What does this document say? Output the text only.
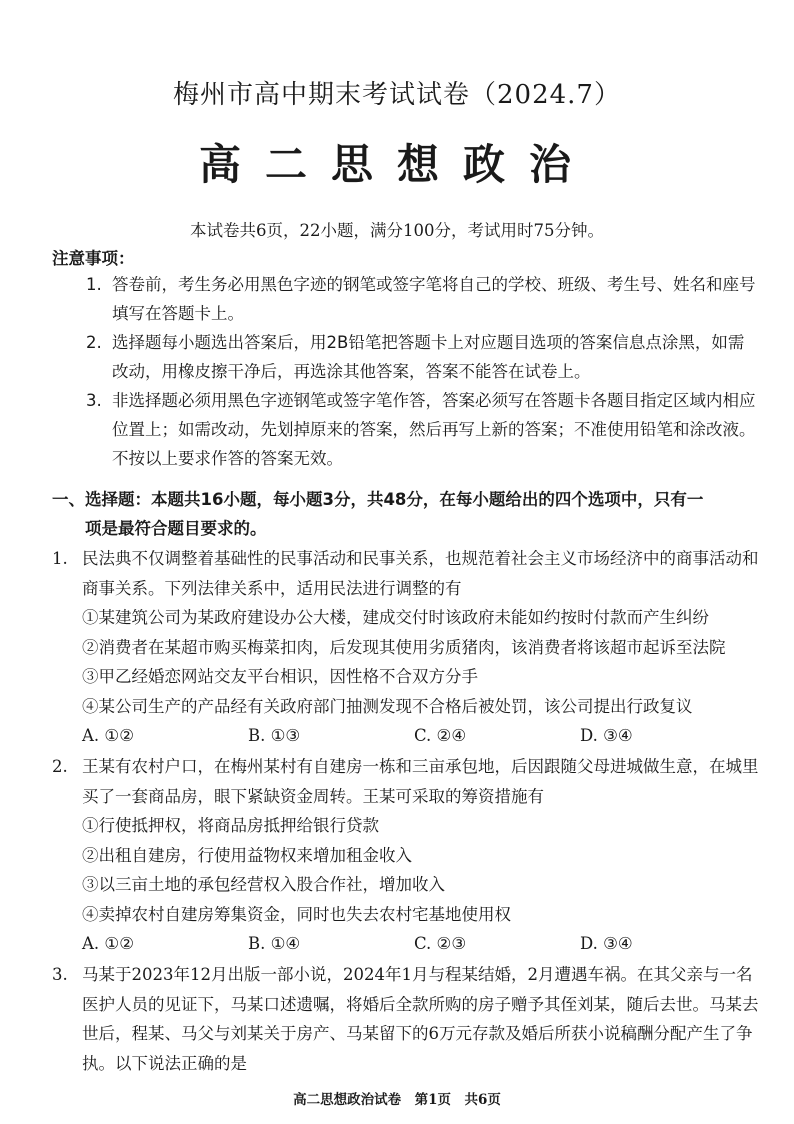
梅州市高中期末考试试卷（2024.7）
高二思想政治
本试卷共6页，22小题，满分100分，考试用时75分钟。
注意事项：
1. 答卷前，考生务必用黑色字迹的钢笔或签字笔将自己的学校、班级、考生号、姓名和座号填写在答题卡上。
2. 选择题每小题选出答案后，用2B铅笔把答题卡上对应题目选项的答案信息点涂黑，如需改动，用橡皮擦干净后，再选涂其他答案，答案不能答在试卷上。
3. 非选择题必须用黑色字迹钢笔或签字笔作答，答案必须写在答题卡各题目指定区域内相应位置上；如需改动，先划掉原来的答案，然后再写上新的答案；不准使用铅笔和涂改液。不按以上要求作答的答案无效。
一、选择题：本题共16小题，每小题3分，共48分，在每小题给出的四个选项中，只有一
项是最符合题目要求的。
1. 民法典不仅调整着基础性的民事活动和民事关系，也规范着社会主义市场经济中的商事活动和商事关系。下列法律关系中，适用民法进行调整的有
①某建筑公司为某政府建设办公大楼，建成交付时该政府未能如约按时付款而产生纠纷
②消费者在某超市购买梅菜扣肉，后发现其使用劣质猪肉，该消费者将该超市起诉至法院
③甲乙经婚恋网站交友平台相识，因性格不合双方分手
④某公司生产的产品经有关政府部门抽测发现不合格后被处罚，该公司提出行政复议
A. ①②	B. ①③	C. ②④	D. ③④
2. 王某有农村户口，在梅州某村有自建房一栋和三亩承包地，后因跟随父母进城做生意，在城里买了一套商品房，眼下紧缺资金周转。王某可采取的筹资措施有
①行使抵押权，将商品房抵押给银行贷款
②出租自建房，行使用益物权来增加租金收入
③以三亩土地的承包经营权入股合作社，增加收入
④卖掉农村自建房筹集资金，同时也失去农村宅基地使用权
A. ①②	B. ①④	C. ②③	D. ③④
3. 马某于2023年12月出版一部小说，2024年1月与程某结婚，2月遭遇车祸。在其父亲与一名医护人员的见证下，马某口述遗嘱，将婚后全款所购的房子赠予其侄刘某，随后去世。马某去世后，程某、马父与刘某关于房产、马某留下的6万元存款及婚后所获小说稿酬分配产生了争执。以下说法正确的是
高二思想政治试卷　第1页　共6页
